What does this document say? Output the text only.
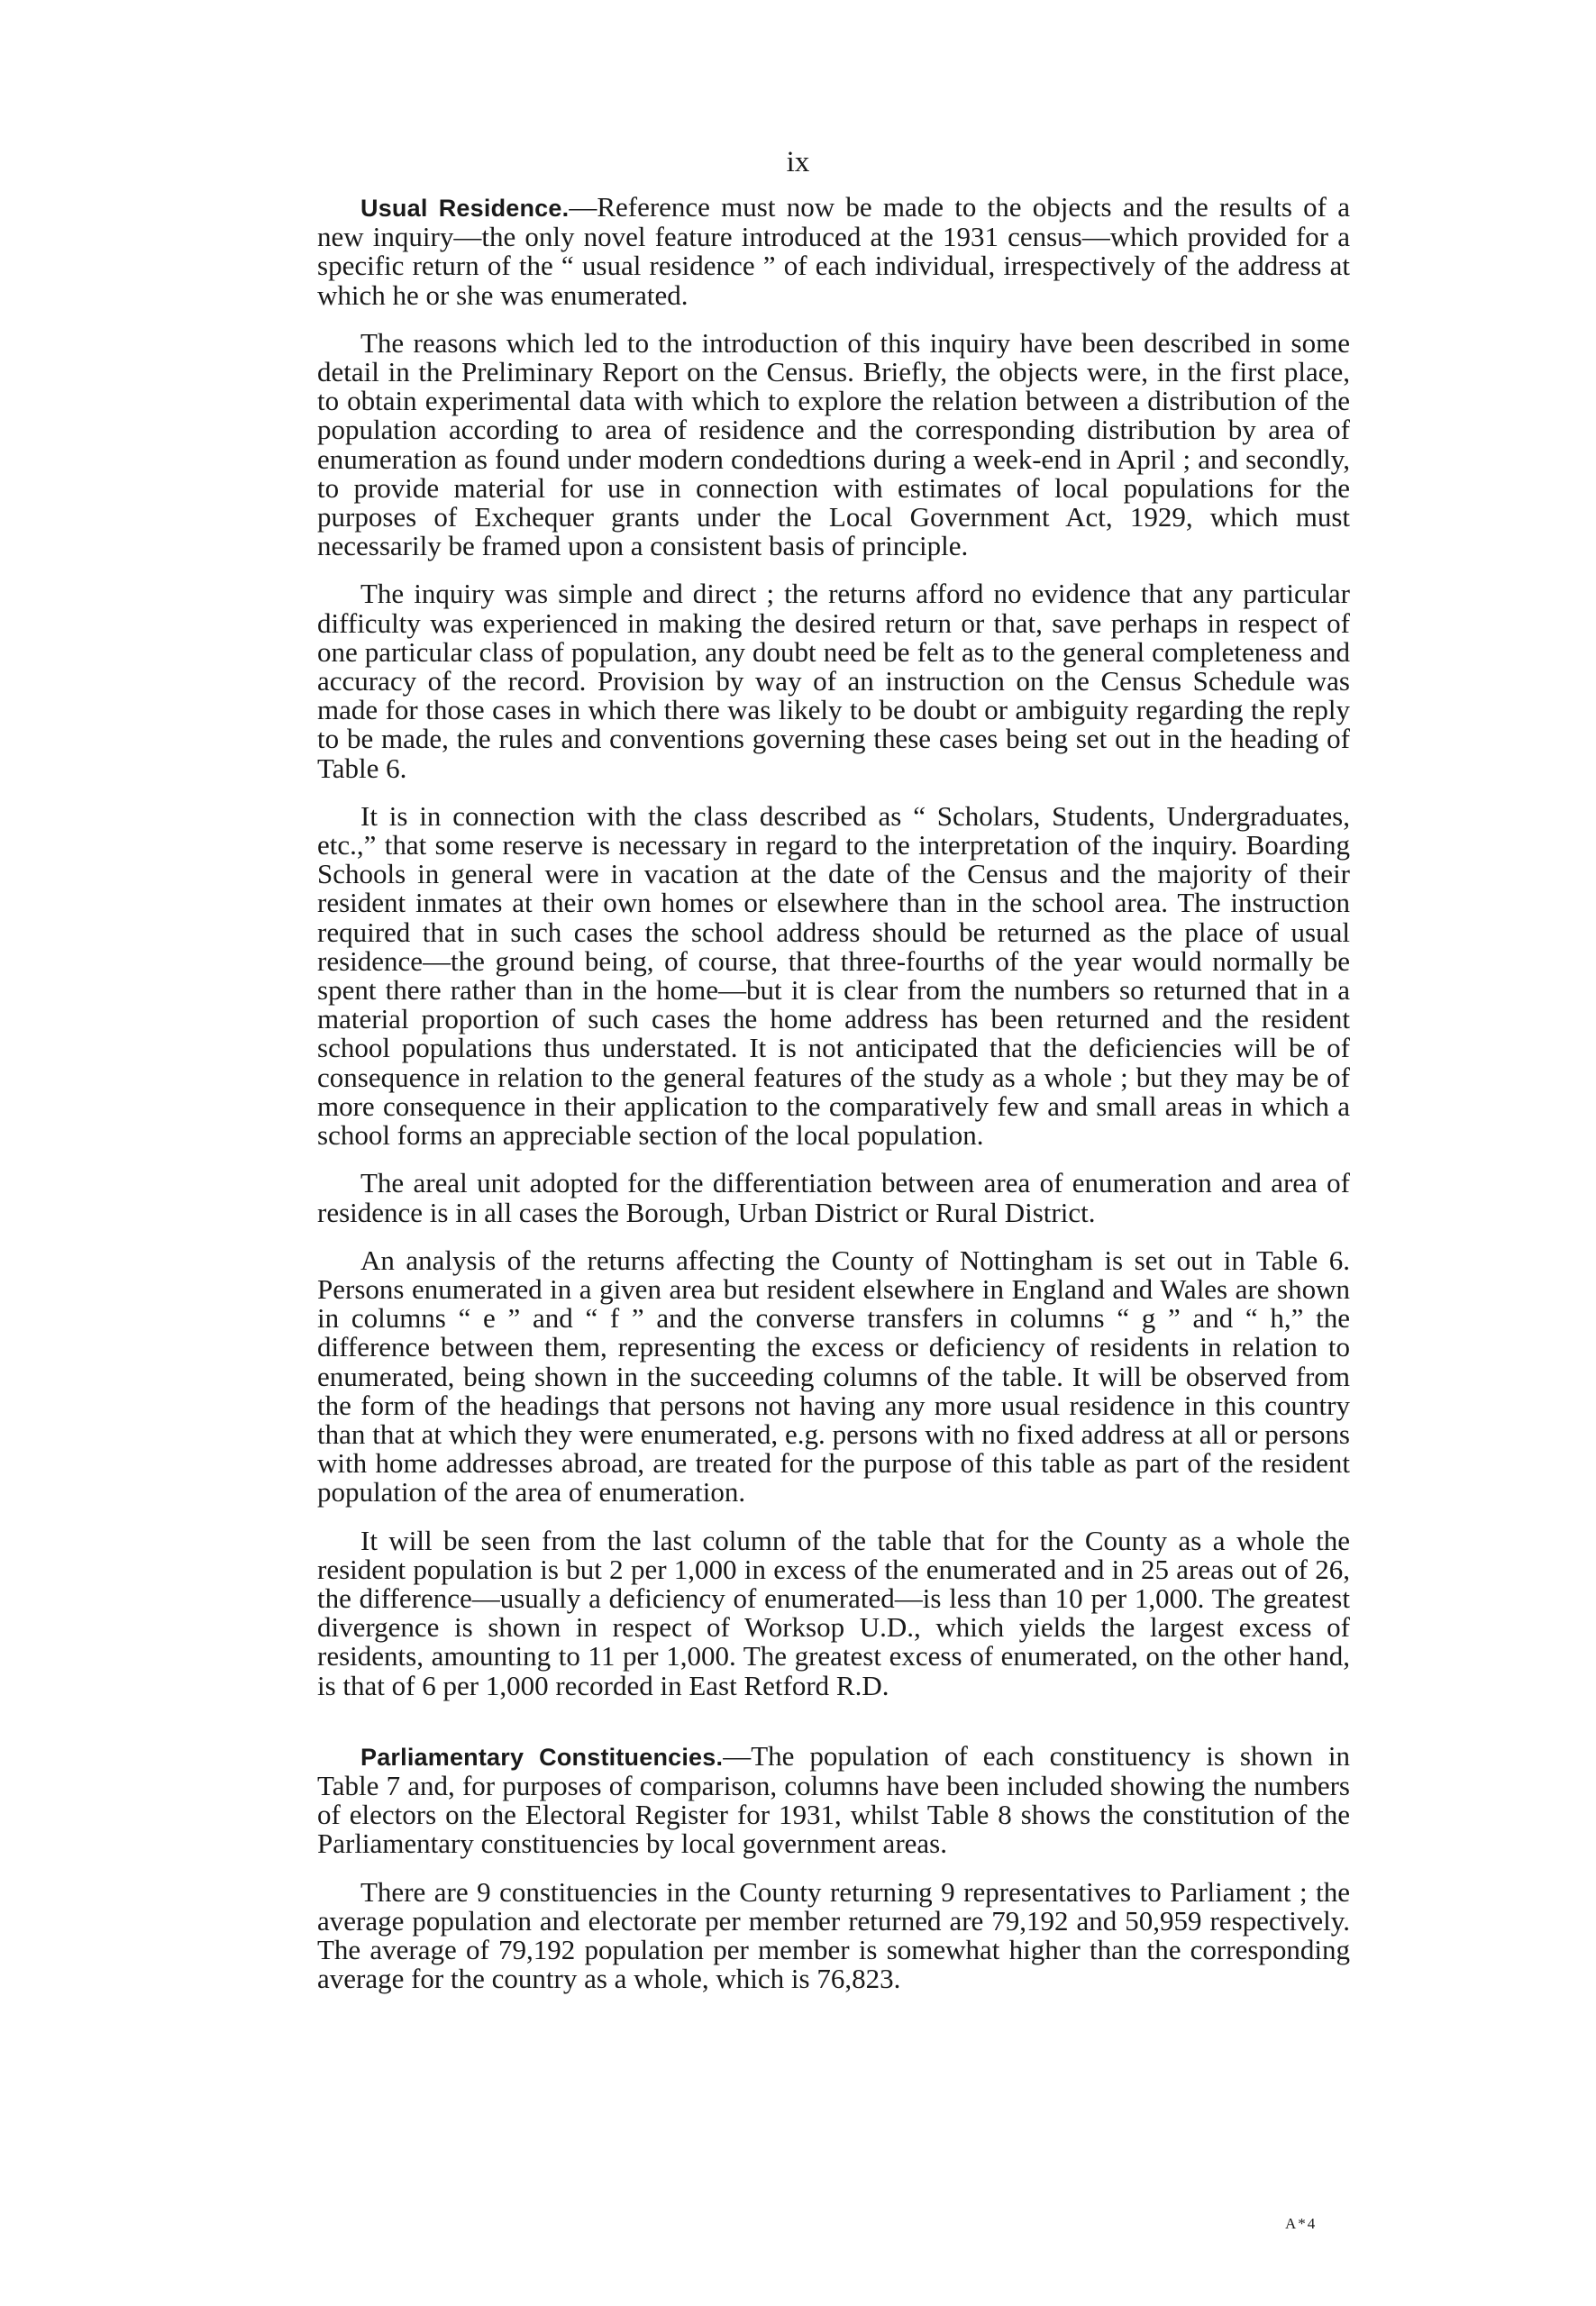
ix

Usual Residence.—Reference must now be made to the objects and the results of a new inquiry—the only novel feature introduced at the 1931 census—which provided for a specific return of the “ usual residence ” of each individual, irrespectively of the address at which he or she was enumerated.

The reasons which led to the introduction of this inquiry have been described in some detail in the Preliminary Report on the Census. Briefly, the objects were, in the first place, to obtain experimental data with which to explore the relation between a distribution of the population according to area of residence and the corresponding distribution by area of enumeration as found under modern condedtions during a week-end in April ; and secondly, to provide material for use in connection with estimates of local populations for the purposes of Exchequer grants under the Local Government Act, 1929, which must necessarily be framed upon a consistent basis of principle.

The inquiry was simple and direct ; the returns afford no evidence that any particular difficulty was experienced in making the desired return or that, save perhaps in respect of one particular class of population, any doubt need be felt as to the general completeness and accuracy of the record. Provision by way of an instruction on the Census Schedule was made for those cases in which there was likely to be doubt or ambiguity regarding the reply to be made, the rules and conventions governing these cases being set out in the heading of Table 6.

It is in connection with the class described as “ Scholars, Students, Undergraduates, etc.,” that some reserve is necessary in regard to the interpretation of the inquiry. Boarding Schools in general were in vacation at the date of the Census and the majority of their resident inmates at their own homes or elsewhere than in the school area. The instruction required that in such cases the school address should be returned as the place of usual residence—the ground being, of course, that three-fourths of the year would normally be spent there rather than in the home—but it is clear from the numbers so returned that in a material proportion of such cases the home address has been returned and the resident school populations thus understated. It is not anticipated that the deficiencies will be of consequence in relation to the general features of the study as a whole ; but they may be of more consequence in their application to the comparatively few and small areas in which a school forms an appreciable section of the local population.

The areal unit adopted for the differentiation between area of enumeration and area of residence is in all cases the Borough, Urban District or Rural District.

An analysis of the returns affecting the County of Nottingham is set out in Table 6. Persons enumerated in a given area but resident elsewhere in England and Wales are shown in columns “ e ” and “ f ” and the converse transfers in columns “ g ” and “ h,” the difference between them, representing the excess or deficiency of residents in relation to enumerated, being shown in the succeeding columns of the table. It will be observed from the form of the headings that persons not having any more usual residence in this country than that at which they were enumerated, e.g. persons with no fixed address at all or persons with home addresses abroad, are treated for the purpose of this table as part of the resident population of the area of enumeration.

It will be seen from the last column of the table that for the County as a whole the resident population is but 2 per 1,000 in excess of the enumerated and in 25 areas out of 26, the difference—usually a deficiency of enumerated—is less than 10 per 1,000. The greatest divergence is shown in respect of Worksop U.D., which yields the largest excess of residents, amounting to 11 per 1,000. The greatest excess of enumerated, on the other hand, is that of 6 per 1,000 recorded in East Retford R.D.

Parliamentary Constituencies.—The population of each constituency is shown in Table 7 and, for purposes of comparison, columns have been included showing the numbers of electors on the Electoral Register for 1931, whilst Table 8 shows the constitution of the Parliamentary constituencies by local government areas.

There are 9 constituencies in the County returning 9 representatives to Parliament ; the average population and electorate per member returned are 79,192 and 50,959 respectively. The average of 79,192 population per member is somewhat higher than the corresponding average for the country as a whole, which is 76,823.

A*4
